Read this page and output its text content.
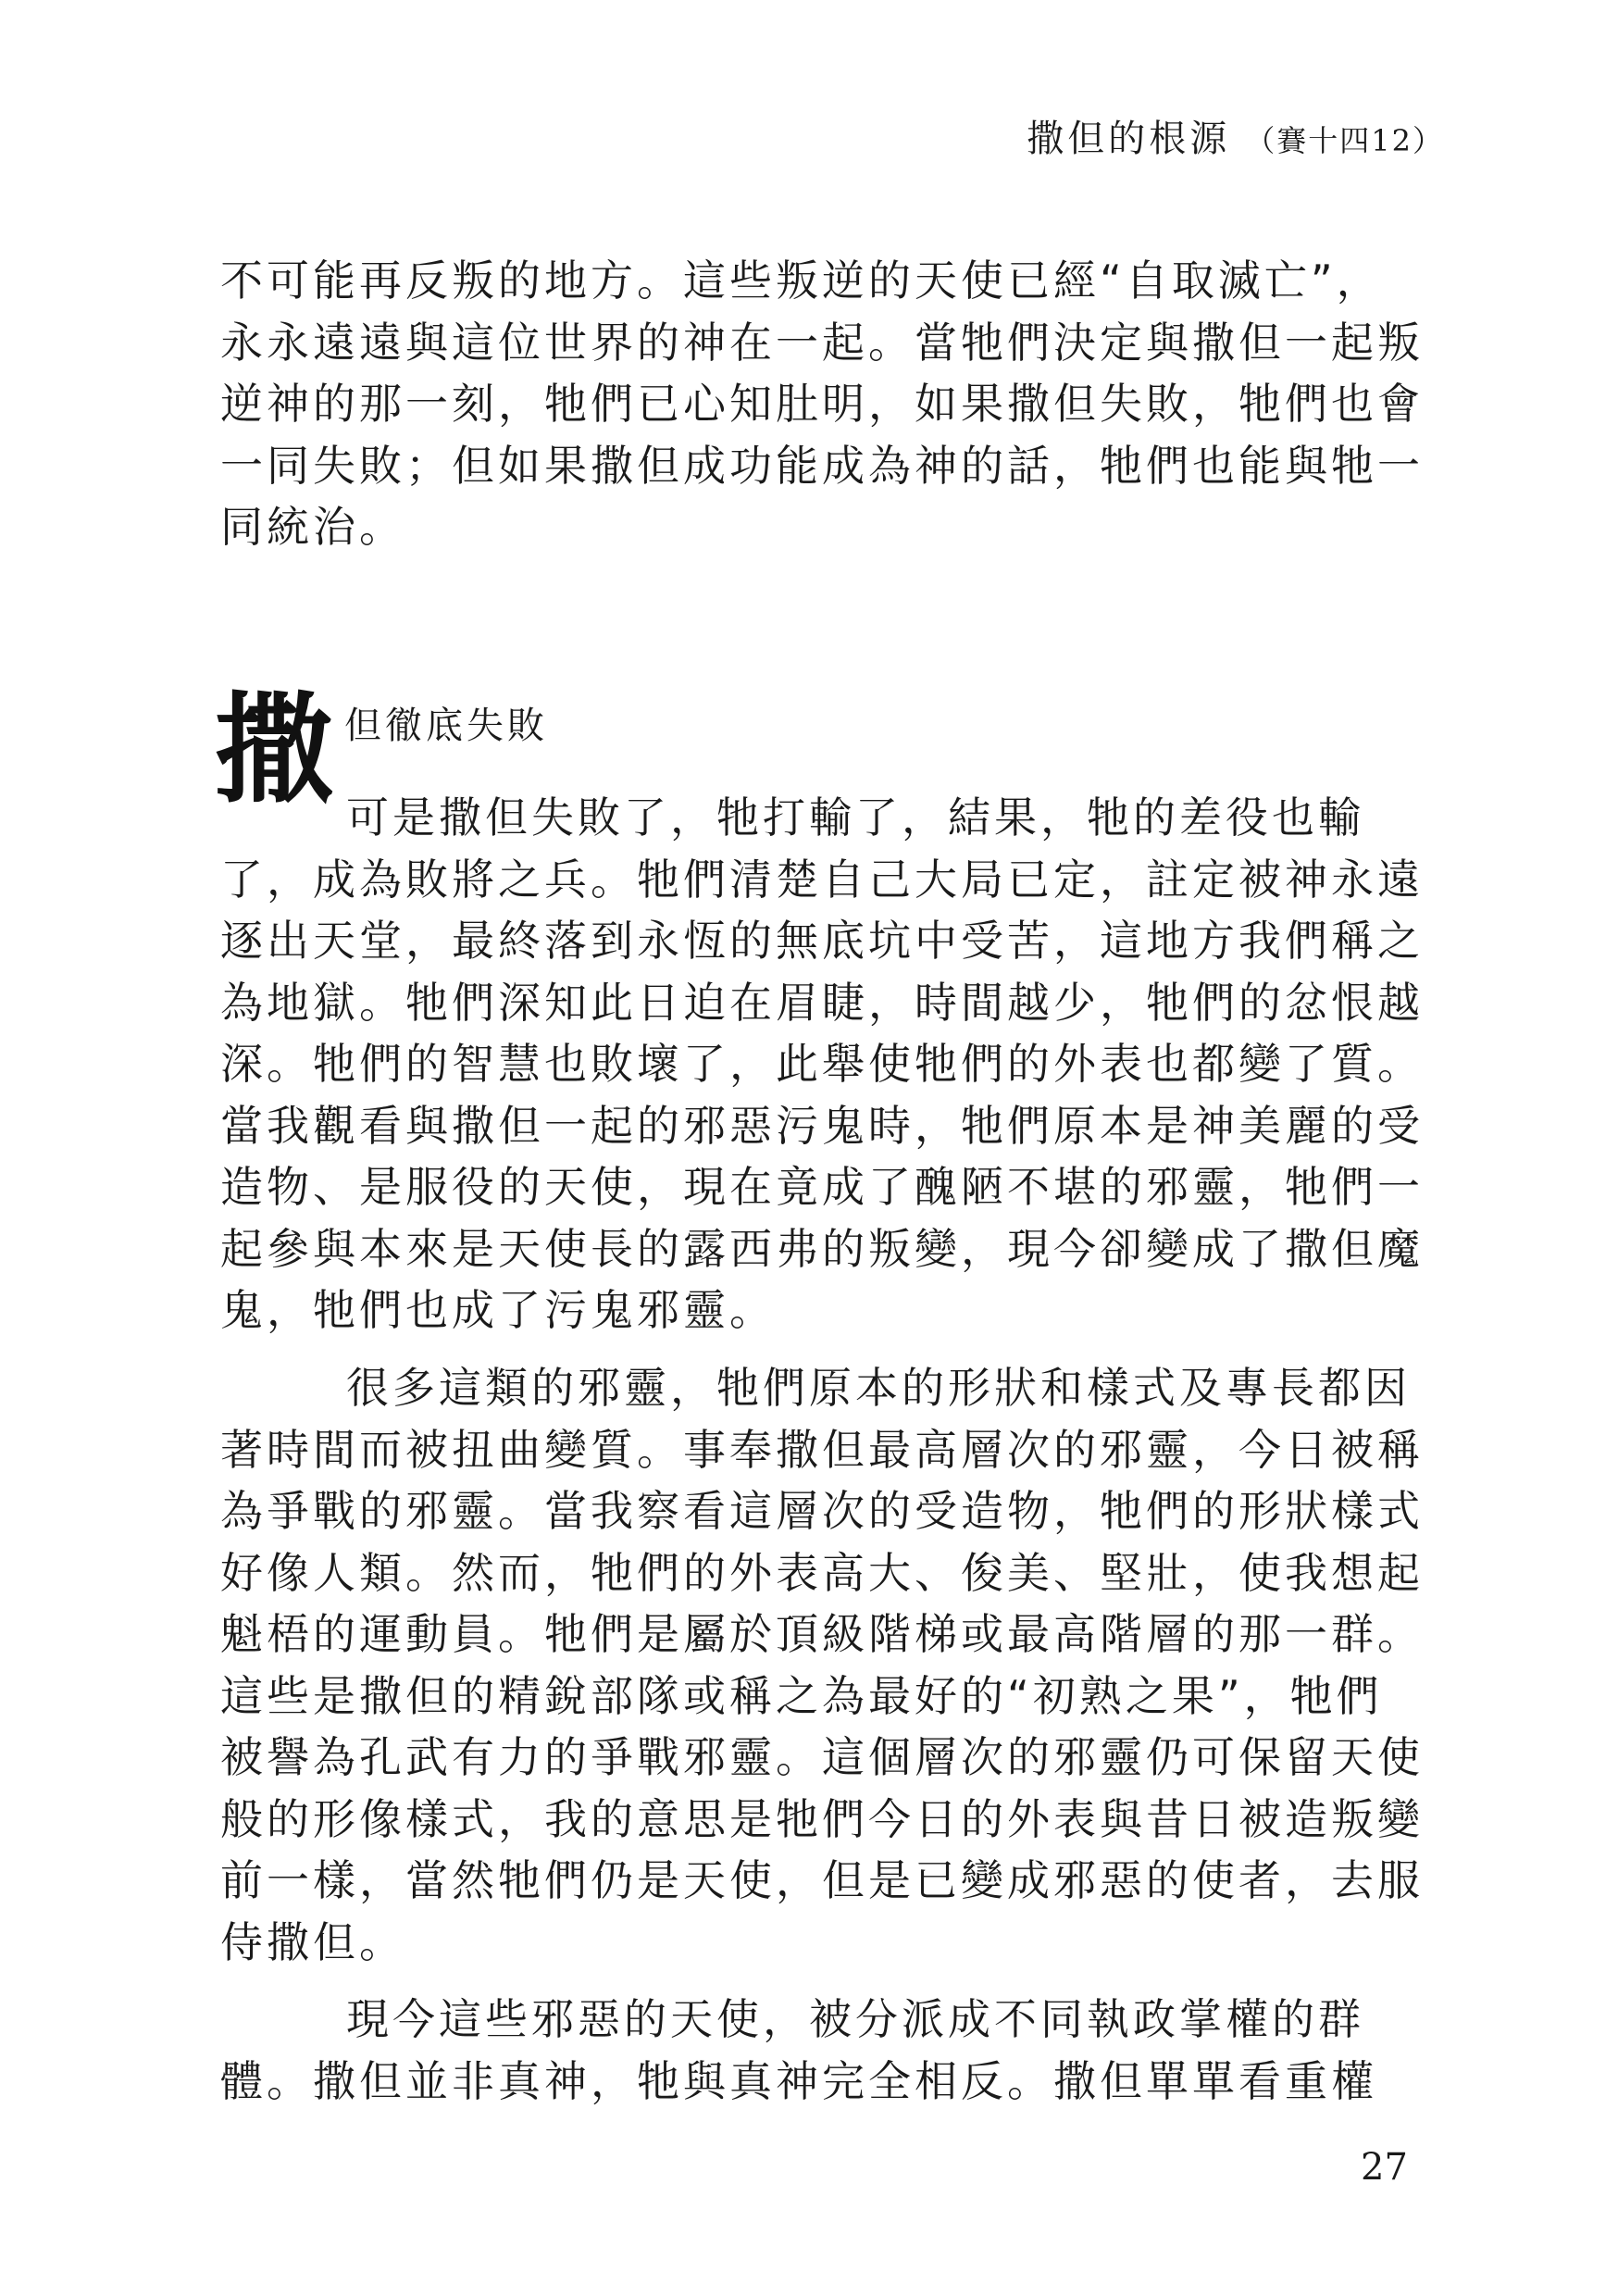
撒但的根源 （賽十四12）
不可能再反叛的地方。這些叛逆的天使已經“自取滅亡”，
永永遠遠與這位世界的神在一起。當牠們決定與撒但一起叛
逆神的那一刻，牠們已心知肚明，如果撒但失敗，牠們也會
一同失敗；但如果撒但成功能成為神的話，牠們也能與牠一
同統治。
撒 但徹底失敗
可是撒但失敗了，牠打輸了，結果，牠的差役也輸
了，成為敗將之兵。牠們清楚自己大局已定，註定被神永遠
逐出天堂，最終落到永恆的無底坑中受苦，這地方我們稱之
為地獄。牠們深知此日迫在眉睫，時間越少，牠們的忿恨越
深。牠們的智慧也敗壞了，此舉使牠們的外表也都變了質。
當我觀看與撒但一起的邪惡污鬼時，牠們原本是神美麗的受
造物、是服役的天使，現在竟成了醜陋不堪的邪靈，牠們一
起參與本來是天使長的露西弗的叛變，現今卻變成了撒但魔
鬼，牠們也成了污鬼邪靈。
很多這類的邪靈，牠們原本的形狀和樣式及專長都因
著時間而被扭曲變質。事奉撒但最高層次的邪靈，今日被稱
為爭戰的邪靈。當我察看這層次的受造物，牠們的形狀樣式
好像人類。然而，牠們的外表高大、俊美、堅壯，使我想起
魁梧的運動員。牠們是屬於頂級階梯或最高階層的那一群。
這些是撒但的精銳部隊或稱之為最好的“初熟之果”，牠們
被譽為孔武有力的爭戰邪靈。這個層次的邪靈仍可保留天使
般的形像樣式，我的意思是牠們今日的外表與昔日被造叛變
前一樣，當然牠們仍是天使，但是已變成邪惡的使者，去服
侍撒但。
現今這些邪惡的天使，被分派成不同執政掌權的群
體。撒但並非真神，牠與真神完全相反。撒但單單看重權
27
